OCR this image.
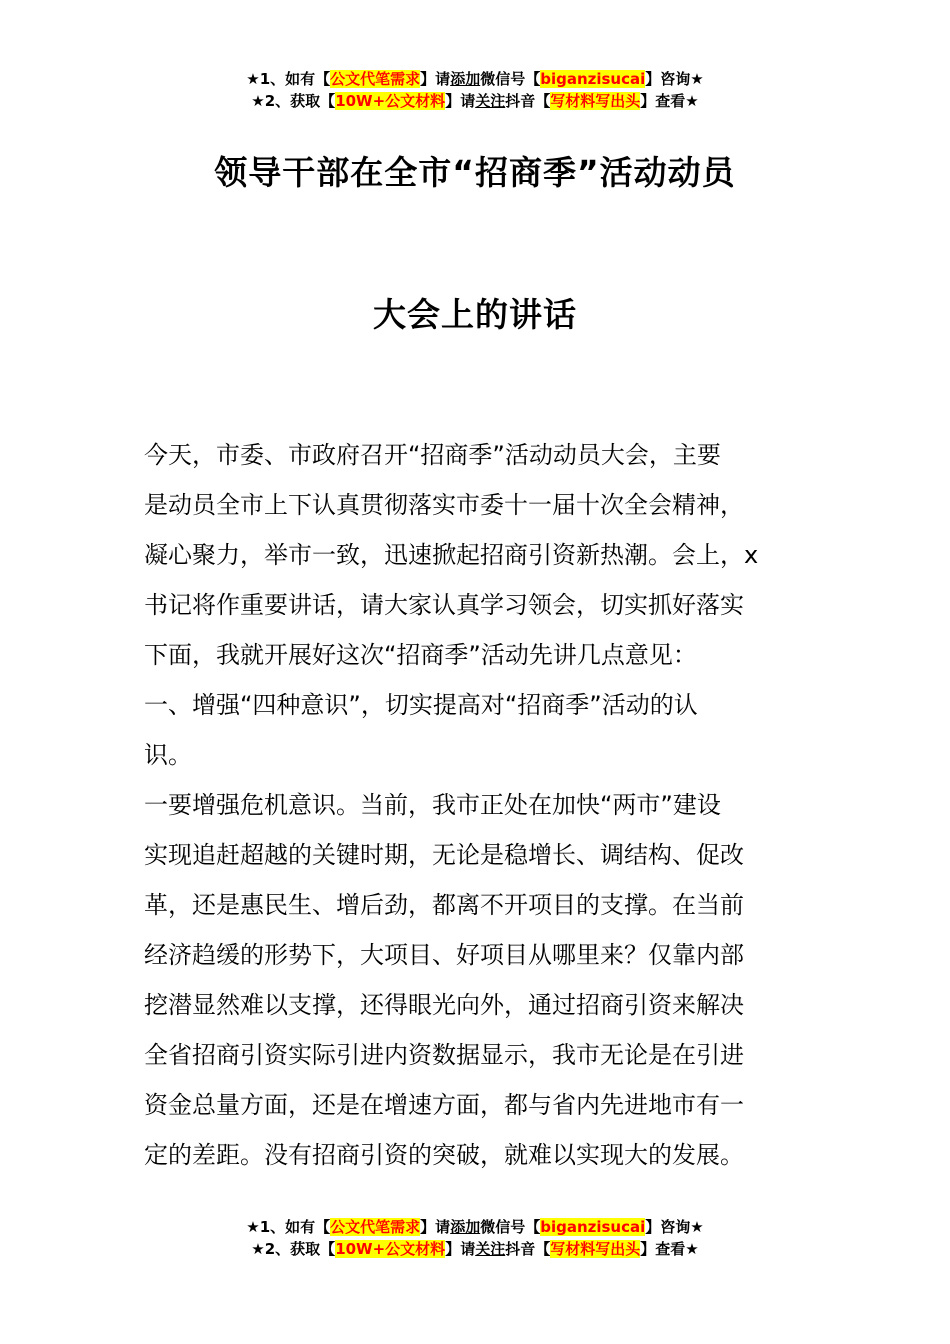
★1、如有【公文代笔需求】请添加微信号【biganzisucai】咨询★
★2、获取【10W+公文材料】请关注抖音【写材料写出头】查看★
领导干部在全市“招商季”活动动员
大会上的讲话
今天，市委、市政府召开“招商季”活动动员大会，主要
是动员全市上下认真贯彻落实市委十一届十次全会精神，
凝心聚力，举市一致，迅速掀起招商引资新热潮。会上，x
书记将作重要讲话，请大家认真学习领会，切实抓好落实
下面，我就开展好这次“招商季”活动先讲几点意见：
一、增强“四种意识”，切实提高对“招商季”活动的认
识。
一要增强危机意识。当前，我市正处在加快“两市”建设
实现追赶超越的关键时期，无论是稳增长、调结构、促改
革，还是惠民生、增后劲，都离不开项目的支撑。在当前
经济趋缓的形势下，大项目、好项目从哪里来？仅靠内部
挖潜显然难以支撑，还得眼光向外，通过招商引资来解决
全省招商引资实际引进内资数据显示，我市无论是在引进
资金总量方面，还是在增速方面，都与省内先进地市有一
定的差距。没有招商引资的突破，就难以实现大的发展。
★1、如有【公文代笔需求】请添加微信号【biganzisucai】咨询★
★2、获取【10W+公文材料】请关注抖音【写材料写出头】查看★
